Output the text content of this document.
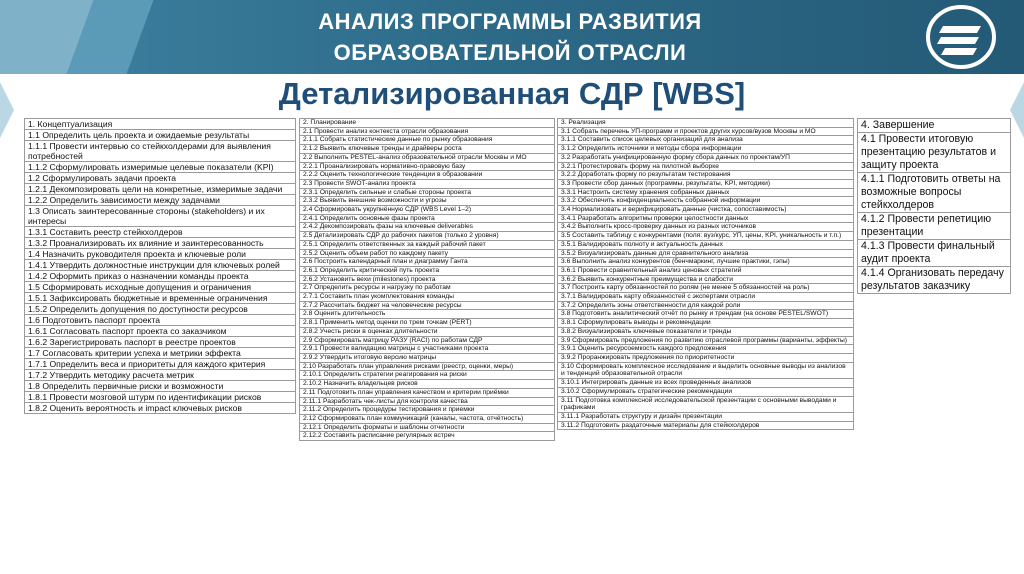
АНАЛИЗ ПРОГРАММЫ РАЗВИТИЯ
ОБРАЗОВАТЕЛЬНОЙ ОТРАСЛИ
Детализированная СДР [WBS]
1. Концептуализация
1.1 Определить цель проекта и ожидаемые результаты
1.1.1 Провести интервью со стейкхолдерами для выявления потребностей
1.1.2 Сформулировать измеримые целевые показатели (KPI)
1.2 Сформулировать задачи проекта
1.2.1 Декомпозировать цели на конкретные, измеримые задачи
1.2.2 Определить зависимости между задачами
1.3 Описать заинтересованные стороны (stakeholders) и их интересы
1.3.1 Составить реестр стейкхолдеров
1.3.2 Проанализировать их влияние и заинтересованность
1.4 Назначить руководителя проекта и ключевые роли
1.4.1 Утвердить должностные инструкции для ключевых ролей
1.4.2 Оформить приказ о назначении команды проекта
1.5 Сформировать исходные допущения и ограничения
1.5.1 Зафиксировать бюджетные и временные ограничения
1.5.2 Определить допущения по доступности ресурсов
1.6 Подготовить паспорт проекта
1.6.1 Согласовать паспорт проекта со заказчиком
1.6.2 Зарегистрировать паспорт в реестре проектов
1.7 Согласовать критерии успеха и метрики эффекта
1.7.1 Определить веса и приоритеты для каждого критерия
1.7.2 Утвердить методику расчета метрик
1.8 Определить первичные риски и возможности
1.8.1 Провести мозговой штурм по идентификации рисков
1.8.2 Оценить вероятность и impact ключевых рисков
2. Планирование
2.1 Провести анализ контекста отрасли образования
2.1.1 Собрать статистические данные по рынку образования
2.1.2 Выявить ключевые тренды и драйверы роста
2.2 Выполнить PESTEL-анализ образовательной отрасли Москвы и МО
2.2.1 Проанализировать нормативно-правовую базу
2.2.2 Оценить технологические тенденции в образовании
2.3 Провести SWOT-анализ проекта
2.3.1 Определить сильные и слабые стороны проекта
2.3.2 Выявить внешние возможности и угрозы
2.4 Сформировать укрупнённую СДР (WBS Level 1–2)
2.4.1 Определить основные фазы проекта
2.4.2 Декомпозировать фазы на ключевые deliverables
2.5 Детализировать СДР до рабочих пакетов (только 2 уровня)
2.5.1 Определить ответственных за каждый рабочий пакет
2.5.2 Оценить объем работ по каждому пакету
2.6 Построить календарный план и диаграмму Ганта
2.6.1 Определить критический путь проекта
2.6.2 Установить вехи (milestones) проекта
2.7 Определить ресурсы и нагрузку по работам
2.7.1 Составить план укомплектования команды
2.7.2 Рассчитать бюджет на человеческие ресурсы
2.8 Оценить длительность
2.8.1 Применить метод оценки по трем точкам (PERT)
2.8.2 Учесть риски в оценках длительности
2.9 Сформировать матрицу РАЗУ (RACI) по работам СДР
2.9.1 Провести валидацию матрицы с участниками проекта
2.9.2 Утвердить итоговую версию матрицы
2.10 Разработать план управления рисками (реестр, оценки, меры)
2.10.1 Определить стратегии реагирования на риски
2.10.2 Назначить владельцев рисков
2.11 Подготовить план управления качеством и критерии приёмки
2.11.1 Разработать чек-листы для контроля качества
2.11.2 Определить процедуры тестирования и приемки
2.12 Сформировать план коммуникаций (каналы, частота, отчётность)
2.12.1 Определить форматы и шаблоны отчетности
2.12.2 Составить расписание регулярных встреч
3. Реализация
3.1 Собрать перечень УП-программ и проектов других курсов/вузов Москвы и МО
3.1.1 Составить список целевых организаций для анализа
3.1.2 Определить источники и методы сбора информации
3.2 Разработать унифицированную форму сбора данных по проектам/УП
3.2.1 Протестировать форму на пилотной выборке
3.2.2 Доработать форму по результатам тестирования
3.3 Провести сбор данных (программы, результаты, KPI, методики)
3.3.1 Настроить систему хранения собранных данных
3.3.2 Обеспечить конфиденциальность собранной информации
3.4 Нормализовать и верифицировать данные (чистка, сопоставимость)
3.4.1 Разработать алгоритмы проверки целостности данных
3.4.2 Выполнить кросс-проверку данных из разных источников
3.5 Составить таблицу с конкурентами (поля: вуз/курс, УП, цены, KPI, уникальность и т.п.)
3.5.1 Валидировать полноту и актуальность данных
3.5.2 Визуализировать данные для сравнительного анализа
3.6 Выполнить анализ конкурентов (бенчмаркинг, лучшие практики, гэпы)
3.6.1 Провести сравнительный анализ ценовых стратегий
3.6.2 Выявить конкурентные преимущества и слабости
3.7 Построить карту обязанностей по ролям (не менее 5 обязанностей на роль)
3.7.1 Валидировать карту обязанностей с экспертами отрасли
3.7.2 Определить зоны ответственности для каждой роли
3.8 Подготовить аналитический отчёт по рынку и трендам (на основе PESTEL/SWOT)
3.8.1 Сформулировать выводы и рекомендации
3.8.2 Визуализировать ключевые показатели и тренды
3.9 Сформировать предложения по развитию отраслевой программы (варианты, эффекты)
3.9.1 Оценить ресурсоемкость каждого предложения
3.9.2 Проранжировать предложения по приоритетности
3.10 Сформировать комплексное исследование и выделить основные выводы из анализов и тенденций образовательной отрасли
3.10.1 Интегрировать данные из всех проведенных анализов
3.10.2 Сформулировать стратегические рекомендации
3.11 Подготовка комплексной исследовательской презентации с основными выводами и графиками
3.11.1 Разработать структуру и дизайн презентации
3.11.2 Подготовить раздаточные материалы для стейкхолдеров
4. Завершение
4.1 Провести итоговую презентацию результатов и защиту проекта
4.1.1 Подготовить ответы на возможные вопросы стейкхолдеров
4.1.2 Провести репетицию презентации
4.1.3 Провести финальный аудит проекта
4.1.4 Организовать передачу результатов заказчику
